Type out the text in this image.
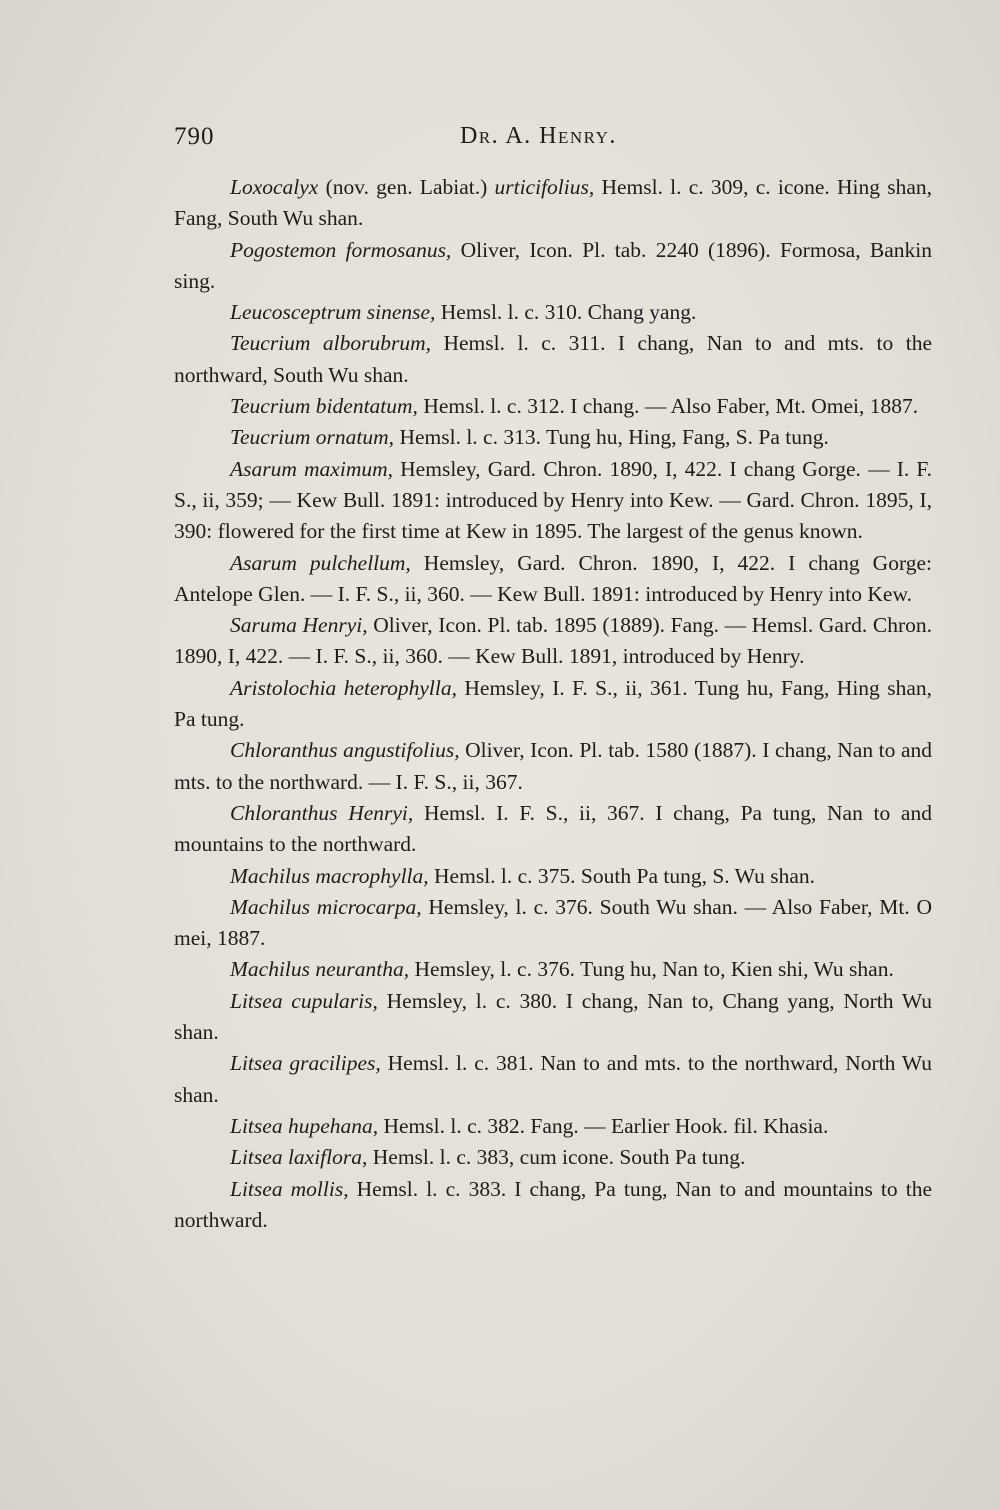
790	Dr. A. Henry.

Loxocalyx (nov. gen. Labiat.) urticifolius, Hemsl. l. c. 309, c. icone. Hing shan, Fang, South Wu shan.

Pogostemon formosanus, Oliver, Icon. Pl. tab. 2240 (1896). Formosa, Bankin sing.

Leucosceptrum sinense, Hemsl. l. c. 310. Chang yang.

Teucrium alborubrum, Hemsl. l. c. 311. I chang, Nan to and mts. to the northward, South Wu shan.

Teucrium bidentatum, Hemsl. l. c. 312. I chang. — Also Faber, Mt. Omei, 1887.

Teucrium ornatum, Hemsl. l. c. 313. Tung hu, Hing, Fang, S. Pa tung.

Asarum maximum, Hemsley, Gard. Chron. 1890, I, 422. I chang Gorge. — I. F. S., ii, 359; — Kew Bull. 1891: introduced by Henry into Kew. — Gard. Chron. 1895, I, 390: flowered for the first time at Kew in 1895. The largest of the genus known.

Asarum pulchellum, Hemsley, Gard. Chron. 1890, I, 422. I chang Gorge: Antelope Glen. — I. F. S., ii, 360. — Kew Bull. 1891: introduced by Henry into Kew.

Saruma Henryi, Oliver, Icon. Pl. tab. 1895 (1889). Fang. — Hemsl. Gard. Chron. 1890, I, 422. — I. F. S., ii, 360. — Kew Bull. 1891, introduced by Henry.

Aristolochia heterophylla, Hemsley, I. F. S., ii, 361. Tung hu, Fang, Hing shan, Pa tung.

Chloranthus angustifolius, Oliver, Icon. Pl. tab. 1580 (1887). I chang, Nan to and mts. to the northward. — I. F. S., ii, 367.

Chloranthus Henryi, Hemsl. I. F. S., ii, 367. I chang, Pa tung, Nan to and mountains to the northward.

Machilus macrophylla, Hemsl. l. c. 375. South Pa tung, S. Wu shan.

Machilus microcarpa, Hemsley, l. c. 376. South Wu shan. — Also Faber, Mt. O mei, 1887.

Machilus neurantha, Hemsley, l. c. 376. Tung hu, Nan to, Kien shi, Wu shan.

Litsea cupularis, Hemsley, l. c. 380. I chang, Nan to, Chang yang, North Wu shan.

Litsea gracilipes, Hemsl. l. c. 381. Nan to and mts. to the northward, North Wu shan.

Litsea hupehana, Hemsl. l. c. 382. Fang. — Earlier Hook. fil. Khasia.

Litsea laxiflora, Hemsl. l. c. 383, cum icone. South Pa tung.

Litsea mollis, Hemsl. l. c. 383. I chang, Pa tung, Nan to and mountains to the northward.
